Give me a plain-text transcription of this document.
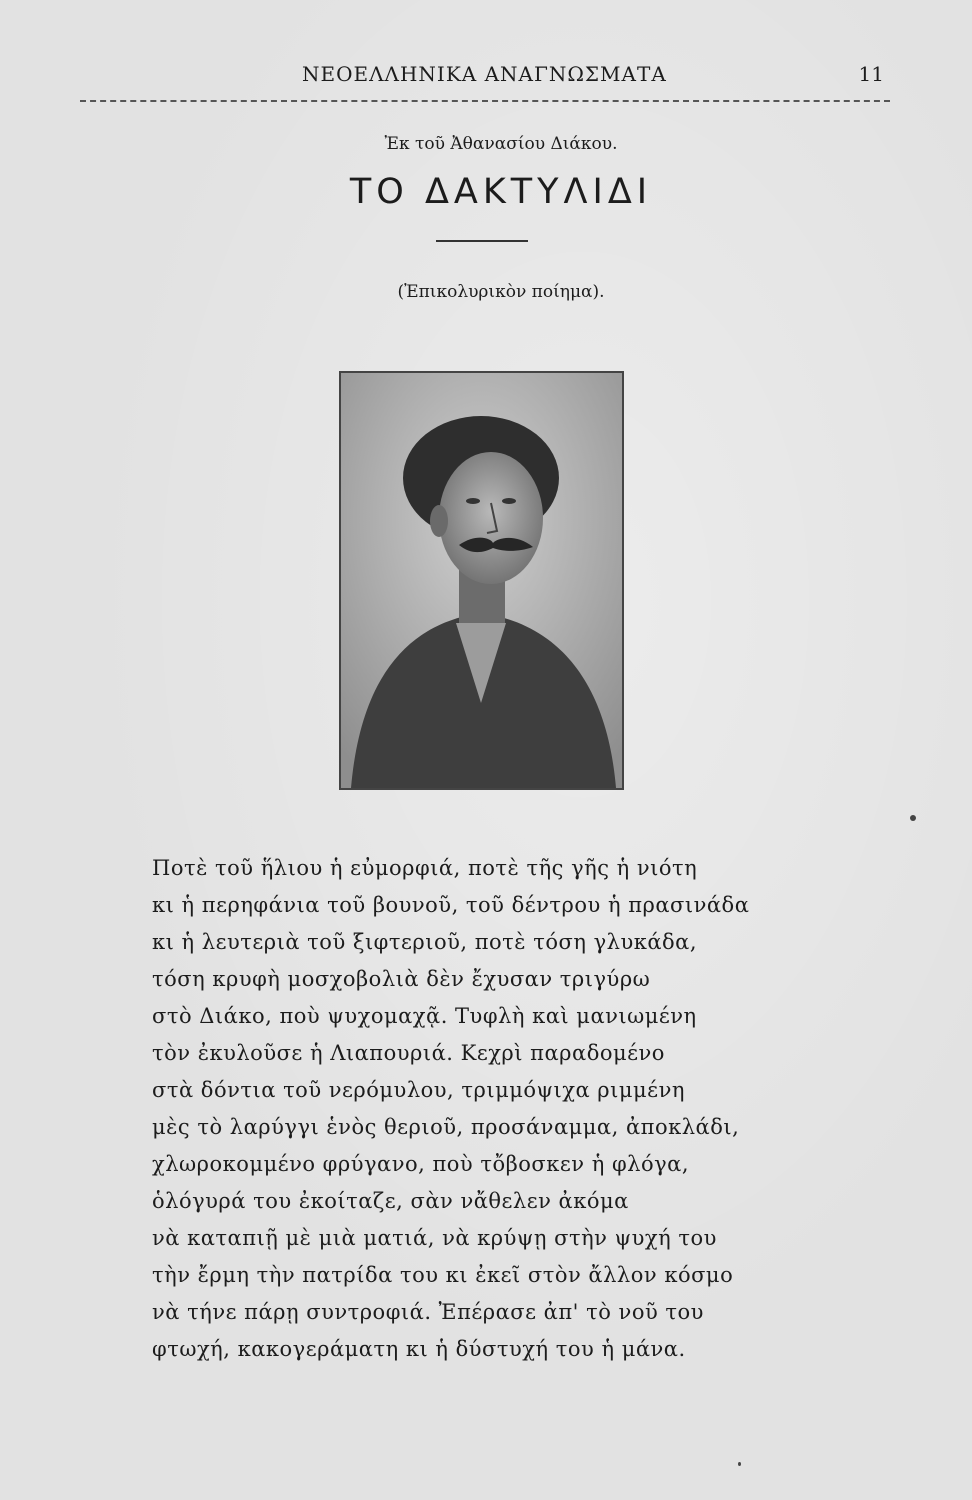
ΝΕΟΕΛΛΗΝΙΚΑ ΑΝΑΓΝΩΣΜΑΤΑ	11
Ἐκ τοῦ Ἀθανασίου Διάκου.
ΤΟ ΔΑΚΤΥΛΙΔΙ
(Ἐπικολυρικὸν ποίημα).
Ποτὲ τοῦ ἥλιου ἡ εὐμορφιά, ποτὲ τῆς γῆς ἡ νιότη
κι ἡ περηφάνια τοῦ βουνοῦ, τοῦ δέντρου ἡ πρασινάδα
κι ἡ λευτεριὰ τοῦ ξιφτεριοῦ, ποτὲ τόση γλυκάδα,
τόση κρυφὴ μοσχοβολιὰ δὲν ἔχυσαν τριγύρω
στὸ Διάκο, ποὺ ψυχομαχᾷ. Τυφλὴ καὶ μανιωμένη
τὸν ἐκυλοῦσε ἡ Λιαπουριά. Κεχρὶ παραδομένο
στὰ δόντια τοῦ νερόμυλου, τριμμόψιχα ριμμένη
μὲς τὸ λαρύγγι ἑνὸς θεριοῦ, προσάναμμα, ἀποκλάδι,
χλωροκομμένο φρύγανο, ποὺ τὄβοσκεν ἡ φλόγα,
ὁλόγυρά του ἐκοίταζε, σὰν νἄθελεν ἀκόμα
νὰ καταπιῇ μὲ μιὰ ματιά, νὰ κρύψῃ στὴν ψυχή του
τὴν ἔρμη τὴν πατρίδα του κι ἐκεῖ στὸν ἄλλον κόσμο
νὰ τήνε πάρῃ συντροφιά. Ἐπέρασε ἀπ' τὸ νοῦ του
φτωχή, κακογεράματη κι ἡ δύστυχή του ἡ μάνα.
